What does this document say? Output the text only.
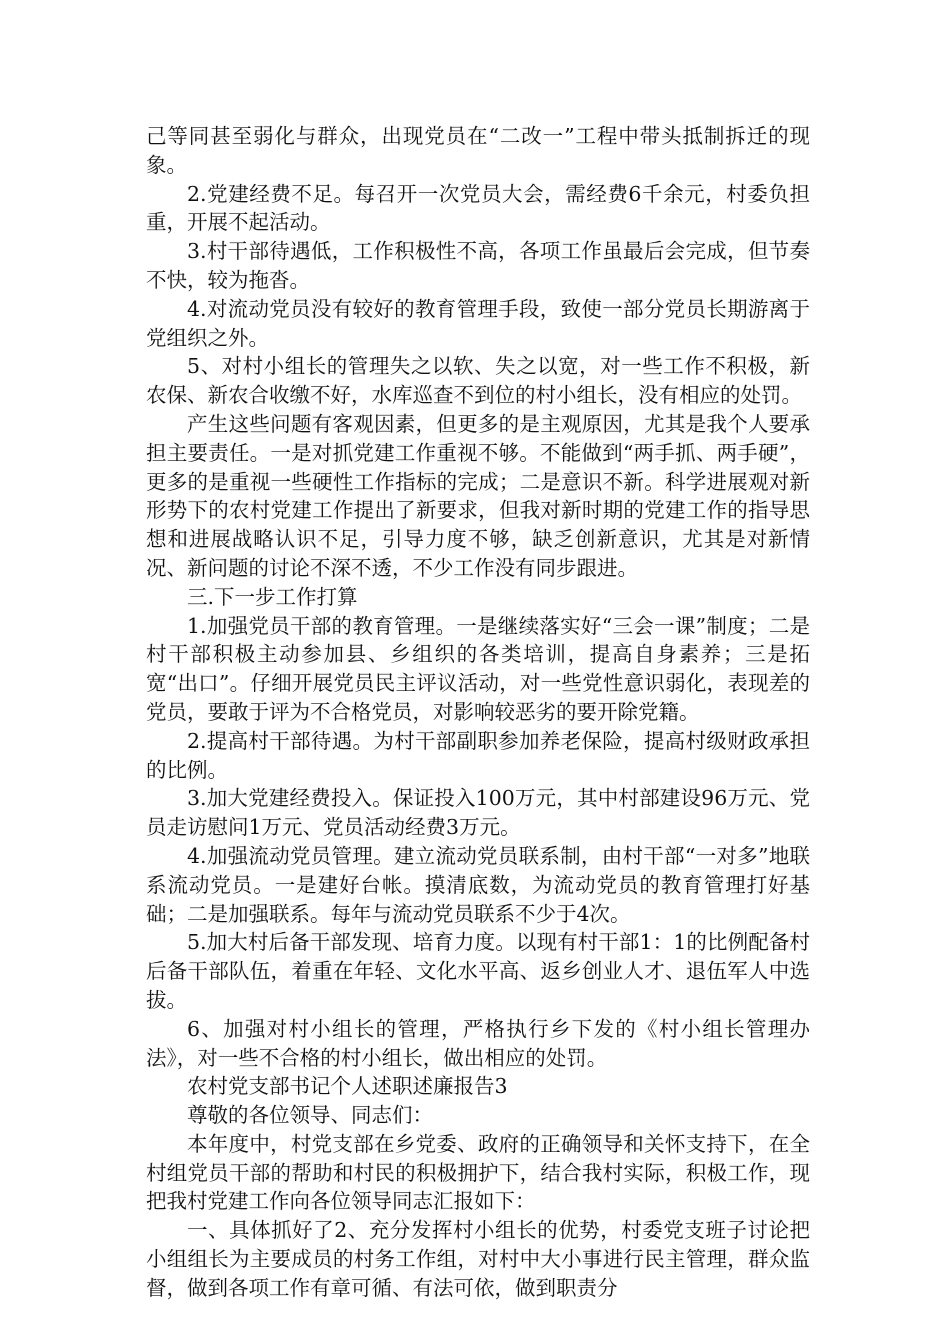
己等同甚至弱化与群众，出现党员在“二改一”工程中带头抵制拆迁的现象。

2.党建经费不足。每召开一次党员大会，需经费6千余元，村委负担重，开展不起活动。

3.村干部待遇低，工作积极性不高，各项工作虽最后会完成，但节奏不快，较为拖沓。

4.对流动党员没有较好的教育管理手段，致使一部分党员长期游离于党组织之外。

5、对村小组长的管理失之以软、失之以宽，对一些工作不积极，新农保、新农合收缴不好，水库巡查不到位的村小组长，没有相应的处罚。

产生这些问题有客观因素，但更多的是主观原因，尤其是我个人要承担主要责任。一是对抓党建工作重视不够。不能做到“两手抓、两手硬”，更多的是重视一些硬性工作指标的完成；二是意识不新。科学进展观对新形势下的农村党建工作提出了新要求，但我对新时期的党建工作的指导思想和进展战略认识不足，引导力度不够，缺乏创新意识，尤其是对新情况、新问题的讨论不深不透，不少工作没有同步跟进。

三.下一步工作打算

1.加强党员干部的教育管理。一是继续落实好“三会一课”制度；二是村干部积极主动参加县、乡组织的各类培训，提高自身素养；三是拓宽“出口”。仔细开展党员民主评议活动，对一些党性意识弱化，表现差的党员，要敢于评为不合格党员，对影响较恶劣的要开除党籍。

2.提高村干部待遇。为村干部副职参加养老保险，提高村级财政承担的比例。

3.加大党建经费投入。保证投入100万元，其中村部建设96万元、党员走访慰问1万元、党员活动经费3万元。

4.加强流动党员管理。建立流动党员联系制，由村干部“一对多”地联系流动党员。一是建好台帐。摸清底数，为流动党员的教育管理打好基础；二是加强联系。每年与流动党员联系不少于4次。

5.加大村后备干部发现、培育力度。以现有村干部1：1的比例配备村后备干部队伍，着重在年轻、文化水平高、返乡创业人才、退伍军人中选拔。

6、加强对村小组长的管理，严格执行乡下发的《村小组长管理办法》，对一些不合格的村小组长，做出相应的处罚。

农村党支部书记个人述职述廉报告3

尊敬的各位领导、同志们：

本年度中，村党支部在乡党委、政府的正确领导和关怀支持下，在全村组党员干部的帮助和村民的积极拥护下，结合我村实际，积极工作，现把我村党建工作向各位领导同志汇报如下：

一、具体抓好了2、充分发挥村小组长的优势，村委党支班子讨论把小组组长为主要成员的村务工作组，对村中大小事进行民主管理，群众监督，做到各项工作有章可循、有法可依，做到职责分
